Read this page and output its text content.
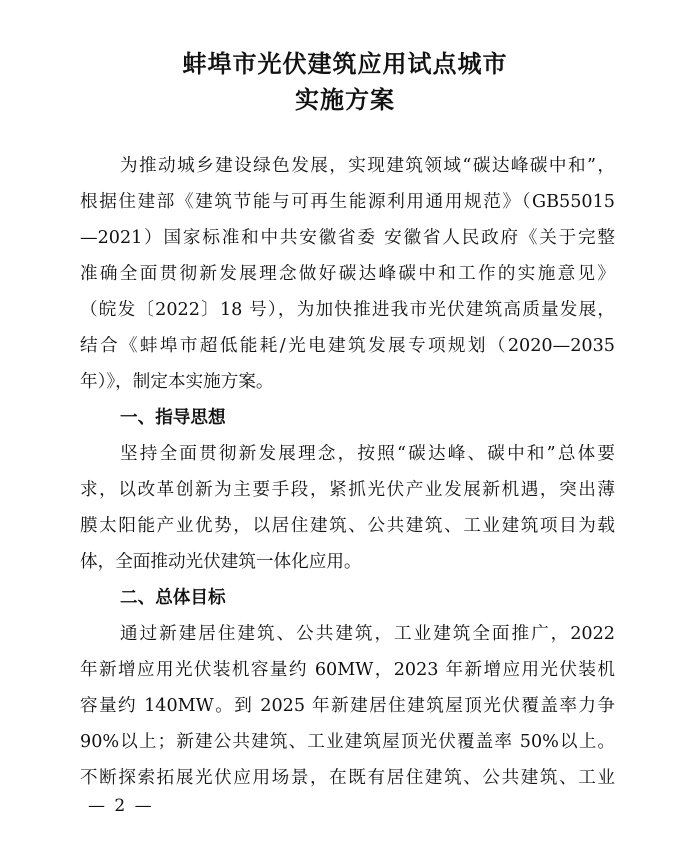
蚌埠市光伏建筑应用试点城市
实施方案
为推动城乡建设绿色发展，实现建筑领域“碳达峰碳中和”，
根据住建部《建筑节能与可再生能源利用通用规范》（GB55015
—2021）国家标准和中共安徽省委 安徽省人民政府《关于完整
准确全面贯彻新发展理念做好碳达峰碳中和工作的实施意见》
（皖发〔2022〕18 号），为加快推进我市光伏建筑高质量发展，
结合《蚌埠市超低能耗/光电建筑发展专项规划（2020—2035
年）》，制定本实施方案。
一、指导思想
坚持全面贯彻新发展理念，按照“碳达峰、碳中和”总体要
求，以改革创新为主要手段，紧抓光伏产业发展新机遇，突出薄
膜太阳能产业优势，以居住建筑、公共建筑、工业建筑项目为载
体，全面推动光伏建筑一体化应用。
二、总体目标
通过新建居住建筑、公共建筑，工业建筑全面推广，2022
年新增应用光伏装机容量约 60MW，2023 年新增应用光伏装机
容量约 140MW。到 2025 年新建居住建筑屋顶光伏覆盖率力争
90%以上；新建公共建筑、工业建筑屋顶光伏覆盖率 50%以上。
不断探索拓展光伏应用场景，在既有居住建筑、公共建筑、工业
— 2 —
